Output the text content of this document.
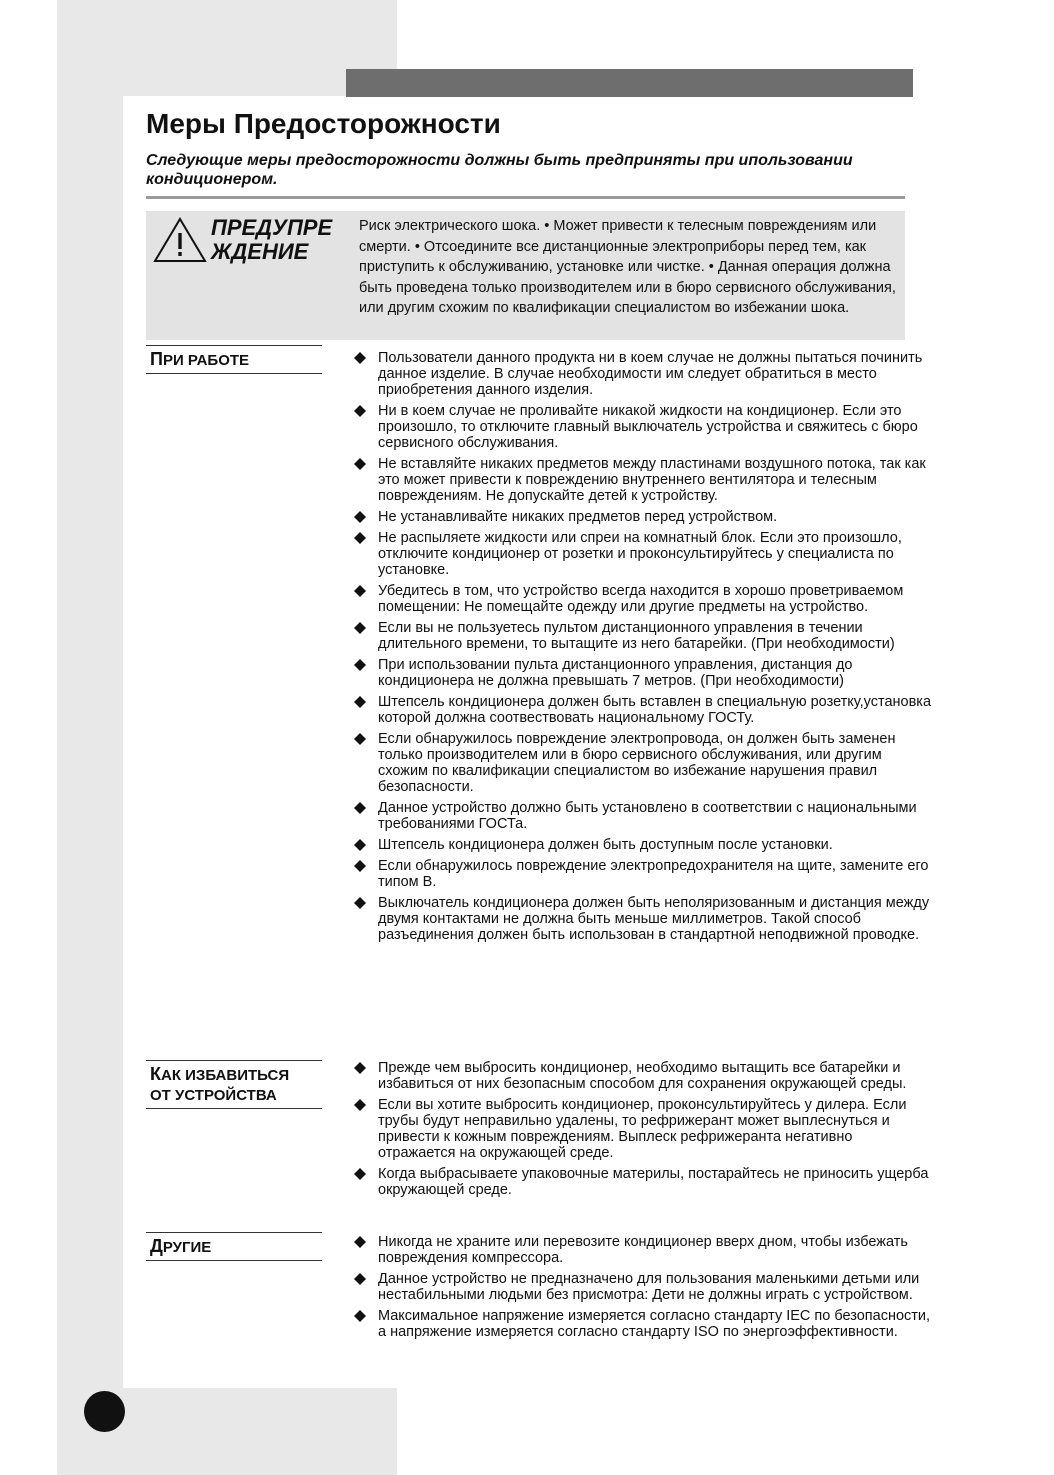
Меры Предосторожности

Следующие меры предосторожности должны быть предприняты при ипользовании кондиционером.

ПРЕДУПРЕ ЖДЕНИЕ
Риск электрического шока. • Может привести к телесным повреждениям или смерти. • Отсоедините все дистанционные электроприборы перед тем, как приступить к обслуживанию, установке или чистке. • Данная операция должна быть проведена только производителем или в бюро сервисного обслуживания, или другим схожим по квалификации специалистом во избежании шока.
ПРИ РАБОТЕ	Пользователи данного продукта ни в коем случае не должны пытаться починить данное изделие. В случае необходимости им следует обратиться в место приобретения данного изделия.
Ни в коем случае не проливайте никакой жидкости на кондиционер. Если это произошло, то отключите главный выключатель устройства и свяжитесь с бюро сервисного обслуживания.
Не вставляйте никаких предметов между пластинами воздушного потока, так как это может привести к повреждению внутреннего вентилятора и телесным повреждениям. Не допускайте детей к устройству.
Не устанавливайте никаких предметов перед устройством.
Не распыляете жидкости или спреи на комнатный блок. Если это произошло, отключите кондиционер от розетки и проконсультируйтесь у специалиста по установке.
Убедитесь в том, что устройство всегда находится в хорошо проветриваемом помещении: Не помещайте одежду или другие предметы на устройство.
Если вы не пользуетесь пультом дистанционного управления в течении длительного времени, то вытащите из него батарейки. (При необходимости)
При использовании пульта дистанционного управления, дистанция до кондиционера не должна превышать 7 метров. (При необходимости)
Штепсель кондиционера должен быть вставлен в специальную розетку,установка которой должна соотвествовать национальному ГОСТу.
Если обнаружилось повреждение электропровода, он должен быть заменен только производителем или в бюро сервисного обслуживания, или другим схожим по квалификации специалистом во избежание нарушения правил безопасности.
Данное устройство должно быть установлено в соответствии с национальными требованиями ГОСТа.
Штепсель кондиционера должен быть доступным после установки.
Если обнаружилось повреждение электропредохранителя на щите, замените его типом В.
Выключатель кондиционера должен быть неполяризованным и дистанция между двумя контактами не должна быть меньше миллиметров. Такой способ разъединения должен быть использован в стандартной неподвижной проводке.
КАК ИЗБАВИТЬСЯ
ОТ УСТРОЙСТВА
Прежде чем выбросить кондиционер, необходимо вытащить все батарейки и избавиться от них безопасным способом для сохранения окружающей среды.
Если вы хотите выбросить кондиционер, проконсультируйтесь у дилера. Если трубы будут неправильно удалены, то рефрижерант может выплеснуться и привести к кожным повреждениям. Выплеск рефрижеранта негативно отражается на окружающей среде.
Когда выбрасываете упаковочные материлы, постарайтесь не приносить ущерба окружающей среде.
ДРУГИЕ	Никогда не храните или перевозите кондиционер вверх дном, чтобы избежать повреждения компрессора.
Данное устройство не предназначено для пользования маленькими детьми или нестабильными людьми без присмотра: Дети не должны играть с устройством.
Максимальное напряжение измеряется согласно стандарту IEC по безопасности, а напряжение измеряется согласно стандарту ISO по энергоэффективности.
